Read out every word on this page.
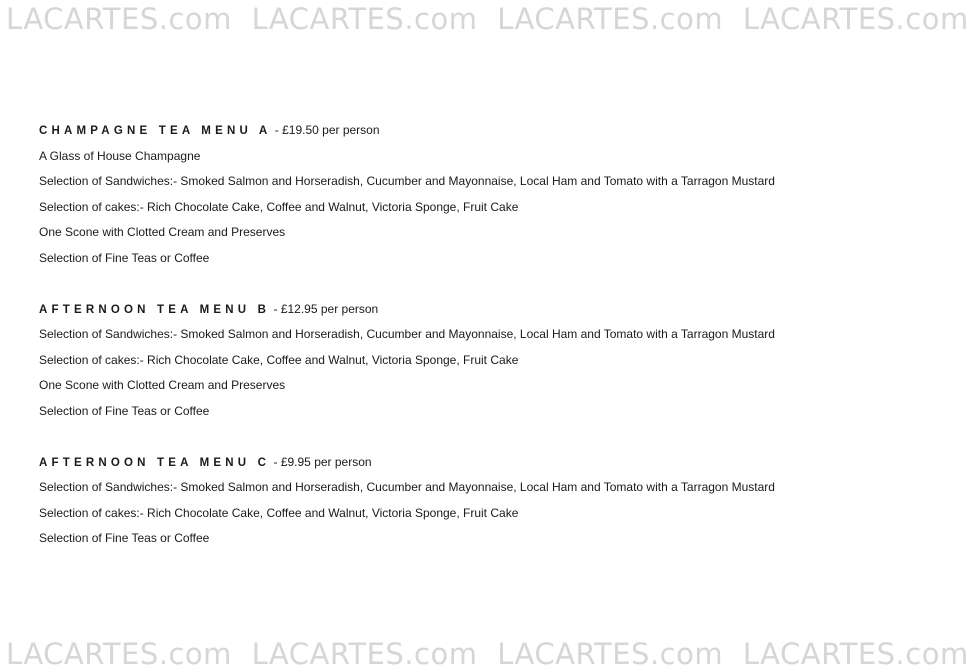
LACARTES.com LACARTES.com LACARTES.com LACARTES.com
CHAMPAGNE TEA MENU A - £19.50 per person
A Glass of House Champagne
Selection of Sandwiches:- Smoked Salmon and Horseradish, Cucumber and Mayonnaise, Local Ham and Tomato with a Tarragon Mustard
Selection of cakes:- Rich Chocolate Cake, Coffee and Walnut, Victoria Sponge, Fruit Cake
One Scone with Clotted Cream and Preserves
Selection of Fine Teas or Coffee
AFTERNOON TEA MENU B - £12.95 per person
Selection of Sandwiches:- Smoked Salmon and Horseradish, Cucumber and Mayonnaise, Local Ham and Tomato with a Tarragon Mustard
Selection of cakes:- Rich Chocolate Cake, Coffee and Walnut, Victoria Sponge, Fruit Cake
One Scone with Clotted Cream and Preserves
Selection of Fine Teas or Coffee
AFTERNOON TEA MENU C - £9.95 per person
Selection of Sandwiches:- Smoked Salmon and Horseradish, Cucumber and Mayonnaise, Local Ham and Tomato with a Tarragon Mustard
Selection of cakes:- Rich Chocolate Cake, Coffee and Walnut, Victoria Sponge, Fruit Cake
Selection of Fine Teas or Coffee
LACARTES.com LACARTES.com LACARTES.com LACARTES.com
